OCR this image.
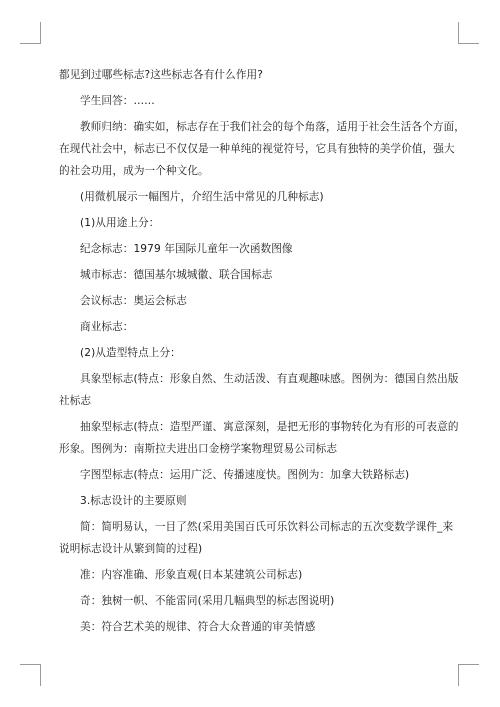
都见到过哪些标志?这些标志各有什么作用?
学生回答：……
教师归纳：确实如，标志存在于我们社会的每个角落，适用于社会生活各个方面，
在现代社会中，标志已不仅仅是一种单纯的视觉符号，它具有独特的美学价值，强大
的社会功用，成为一个种文化。
(用微机展示一幅图片，介绍生活中常见的几种标志)
(1)从用途上分：
纪念标志：1979 年国际儿童年一次函数图像
城市标志：德国基尔城城徽、联合国标志
会议标志：奥运会标志
商业标志：
(2)从造型特点上分：
具象型标志(特点：形象自然、生动活泼、有直观趣味感。图例为：德国自然出版
社标志
抽象型标志(特点：造型严谨、寓意深刻，是把无形的事物转化为有形的可表意的
形象。图例为：南斯拉夫进出口金榜学案物理贸易公司标志
字图型标志(特点：运用广泛、传播速度快。图例为：加拿大铁路标志)
3.标志设计的主要原则
简：简明易认，一目了然(采用美国百氏可乐饮料公司标志的五次变数学课件_来
说明标志设计从繁到简的过程)
准：内容准确、形象直观(日本某建筑公司标志)
奇：独树一帜、不能雷同(采用几幅典型的标志图说明)
美：符合艺术美的规律、符合大众普通的审美情感
